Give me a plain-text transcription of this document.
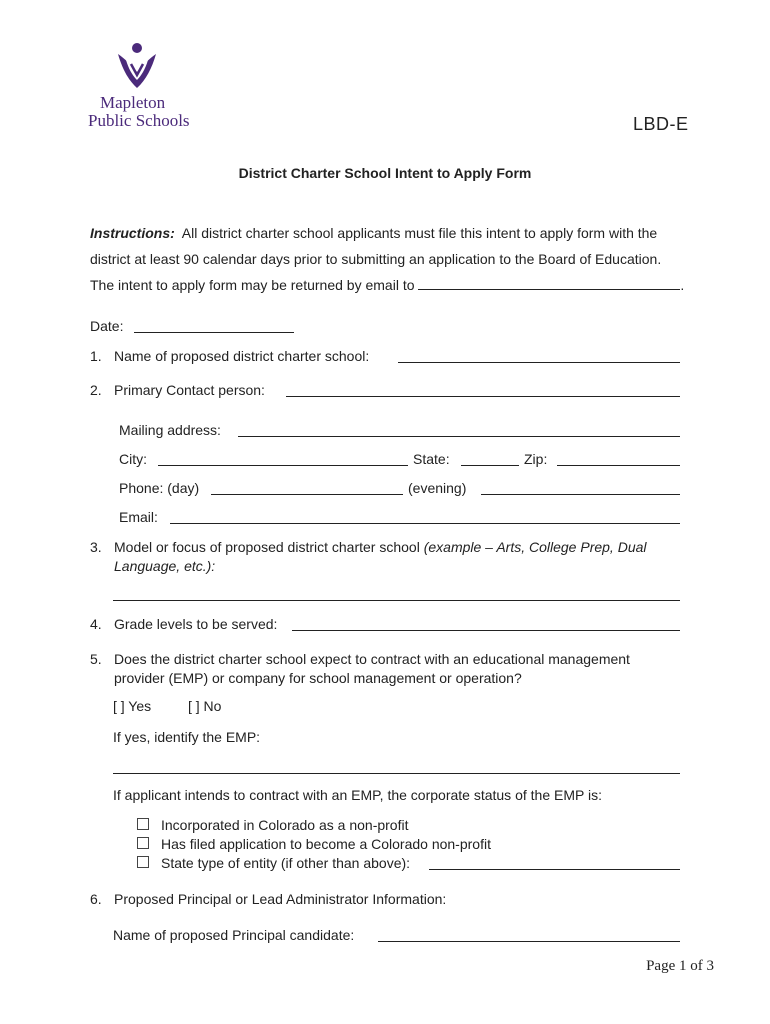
Mapleton
Public Schools	LBD-E
District Charter School Intent to Apply Form
Instructions: All district charter school applicants must file this intent to apply form with the
district at least 90 calendar days prior to submitting an application to the Board of Education.
The intent to apply form may be returned by email to	.
Date:
1. Name of proposed district charter school:
2. Primary Contact person:
Mailing address:
City:	State:	Zip:
Phone: (day)	(evening)
Email:
3. Model or focus of proposed district charter school (example – Arts, College Prep, Dual
Language, etc.):
4. Grade levels to be served:
5. Does the district charter school expect to contract with an educational management
provider (EMP) or company for school management or operation?
[ ] Yes	[ ] No
If yes, identify the EMP:
If applicant intends to contract with an EMP, the corporate status of the EMP is:
Incorporated in Colorado as a non-profit
Has filed application to become a Colorado non-profit
State type of entity (if other than above):
6. Proposed Principal or Lead Administrator Information:
Name of proposed Principal candidate:
Page 1 of 3
